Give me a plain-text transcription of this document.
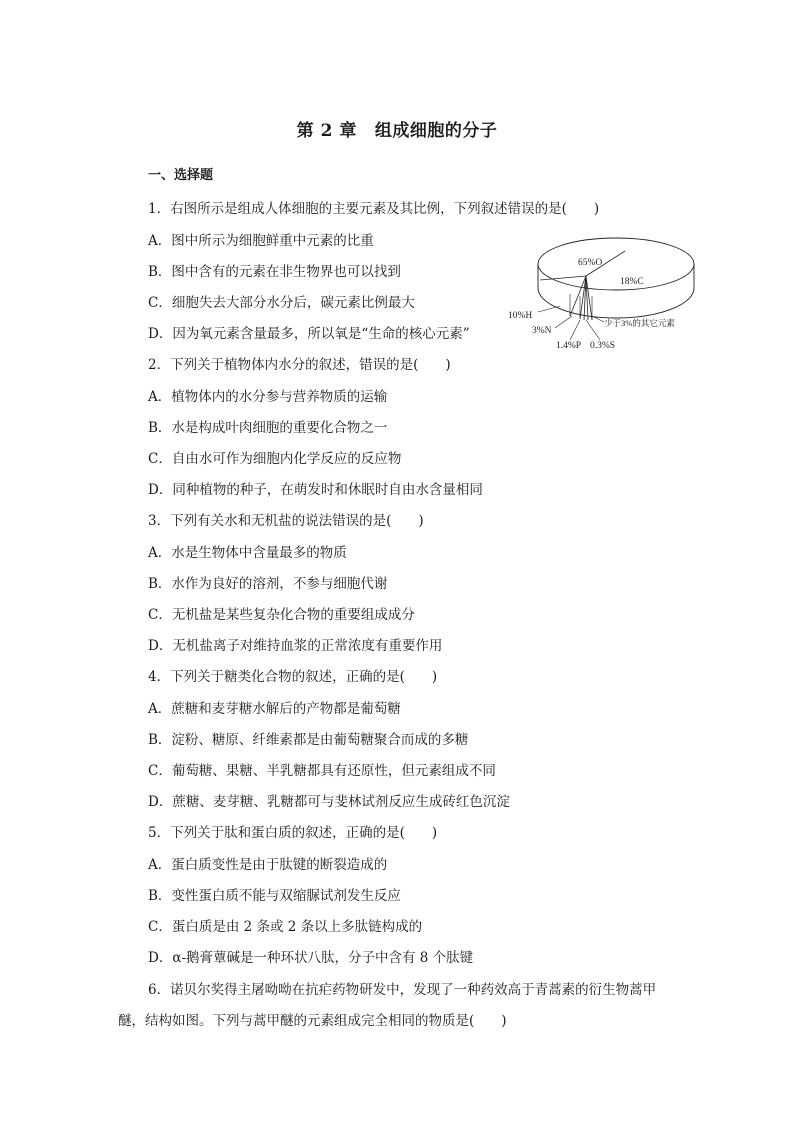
第 2 章 组成细胞的分子
一、选择题
1．右图所示是组成人体细胞的主要元素及其比例，下列叙述错误的是(　　)
A．图中所示为细胞鲜重中元素的比重
B．图中含有的元素在非生物界也可以找到
C．细胞失去大部分水分后，碳元素比例最大
D．因为氧元素含量最多，所以氧是“生命的核心元素”
65%O
18%C
10%H
3%N
1.4%P 0.3%S
少于3%的其它元素
2．下列关于植物体内水分的叙述，错误的是(　　)
A．植物体内的水分参与营养物质的运输
B．水是构成叶肉细胞的重要化合物之一
C．自由水可作为细胞内化学反应的反应物
D．同种植物的种子，在萌发时和休眠时自由水含量相同
3．下列有关水和无机盐的说法错误的是(　　)
A．水是生物体中含量最多的物质
B．水作为良好的溶剂，不参与细胞代谢
C．无机盐是某些复杂化合物的重要组成成分
D．无机盐离子对维持血浆的正常浓度有重要作用
4．下列关于糖类化合物的叙述，正确的是(　　)
A．蔗糖和麦芽糖水解后的产物都是葡萄糖
B．淀粉、糖原、纤维素都是由葡萄糖聚合而成的多糖
C．葡萄糖、果糖、半乳糖都具有还原性，但元素组成不同
D．蔗糖、麦芽糖、乳糖都可与斐林试剂反应生成砖红色沉淀
5．下列关于肽和蛋白质的叙述，正确的是(　　)
A．蛋白质变性是由于肽键的断裂造成的
B．变性蛋白质不能与双缩脲试剂发生反应
C．蛋白质是由 2 条或 2 条以上多肽链构成的
D．α-鹅膏蕈碱是一种环状八肽，分子中含有 8 个肽键
6．诺贝尔奖得主屠呦呦在抗疟药物研发中，发现了一种药效高于青蒿素的衍生物蒿甲
醚，结构如图。下列与蒿甲醚的元素组成完全相同的物质是(　　)
